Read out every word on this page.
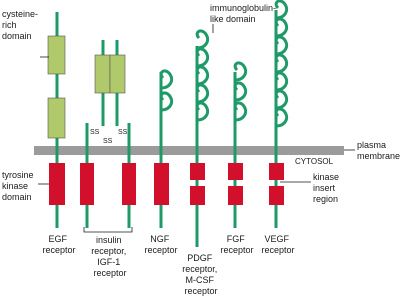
SS	SS
SS
cysteine- rich domain
immunoglobulin- like domain
tyrosine kinase domain
kinase insert region
plasma membrane
CYTOSOL
EGF receptor
insulin receptor, IGF-1 receptor
NGF receptor
PDGF receptor, M-CSF receptor
FGF receptor
VEGF receptor
